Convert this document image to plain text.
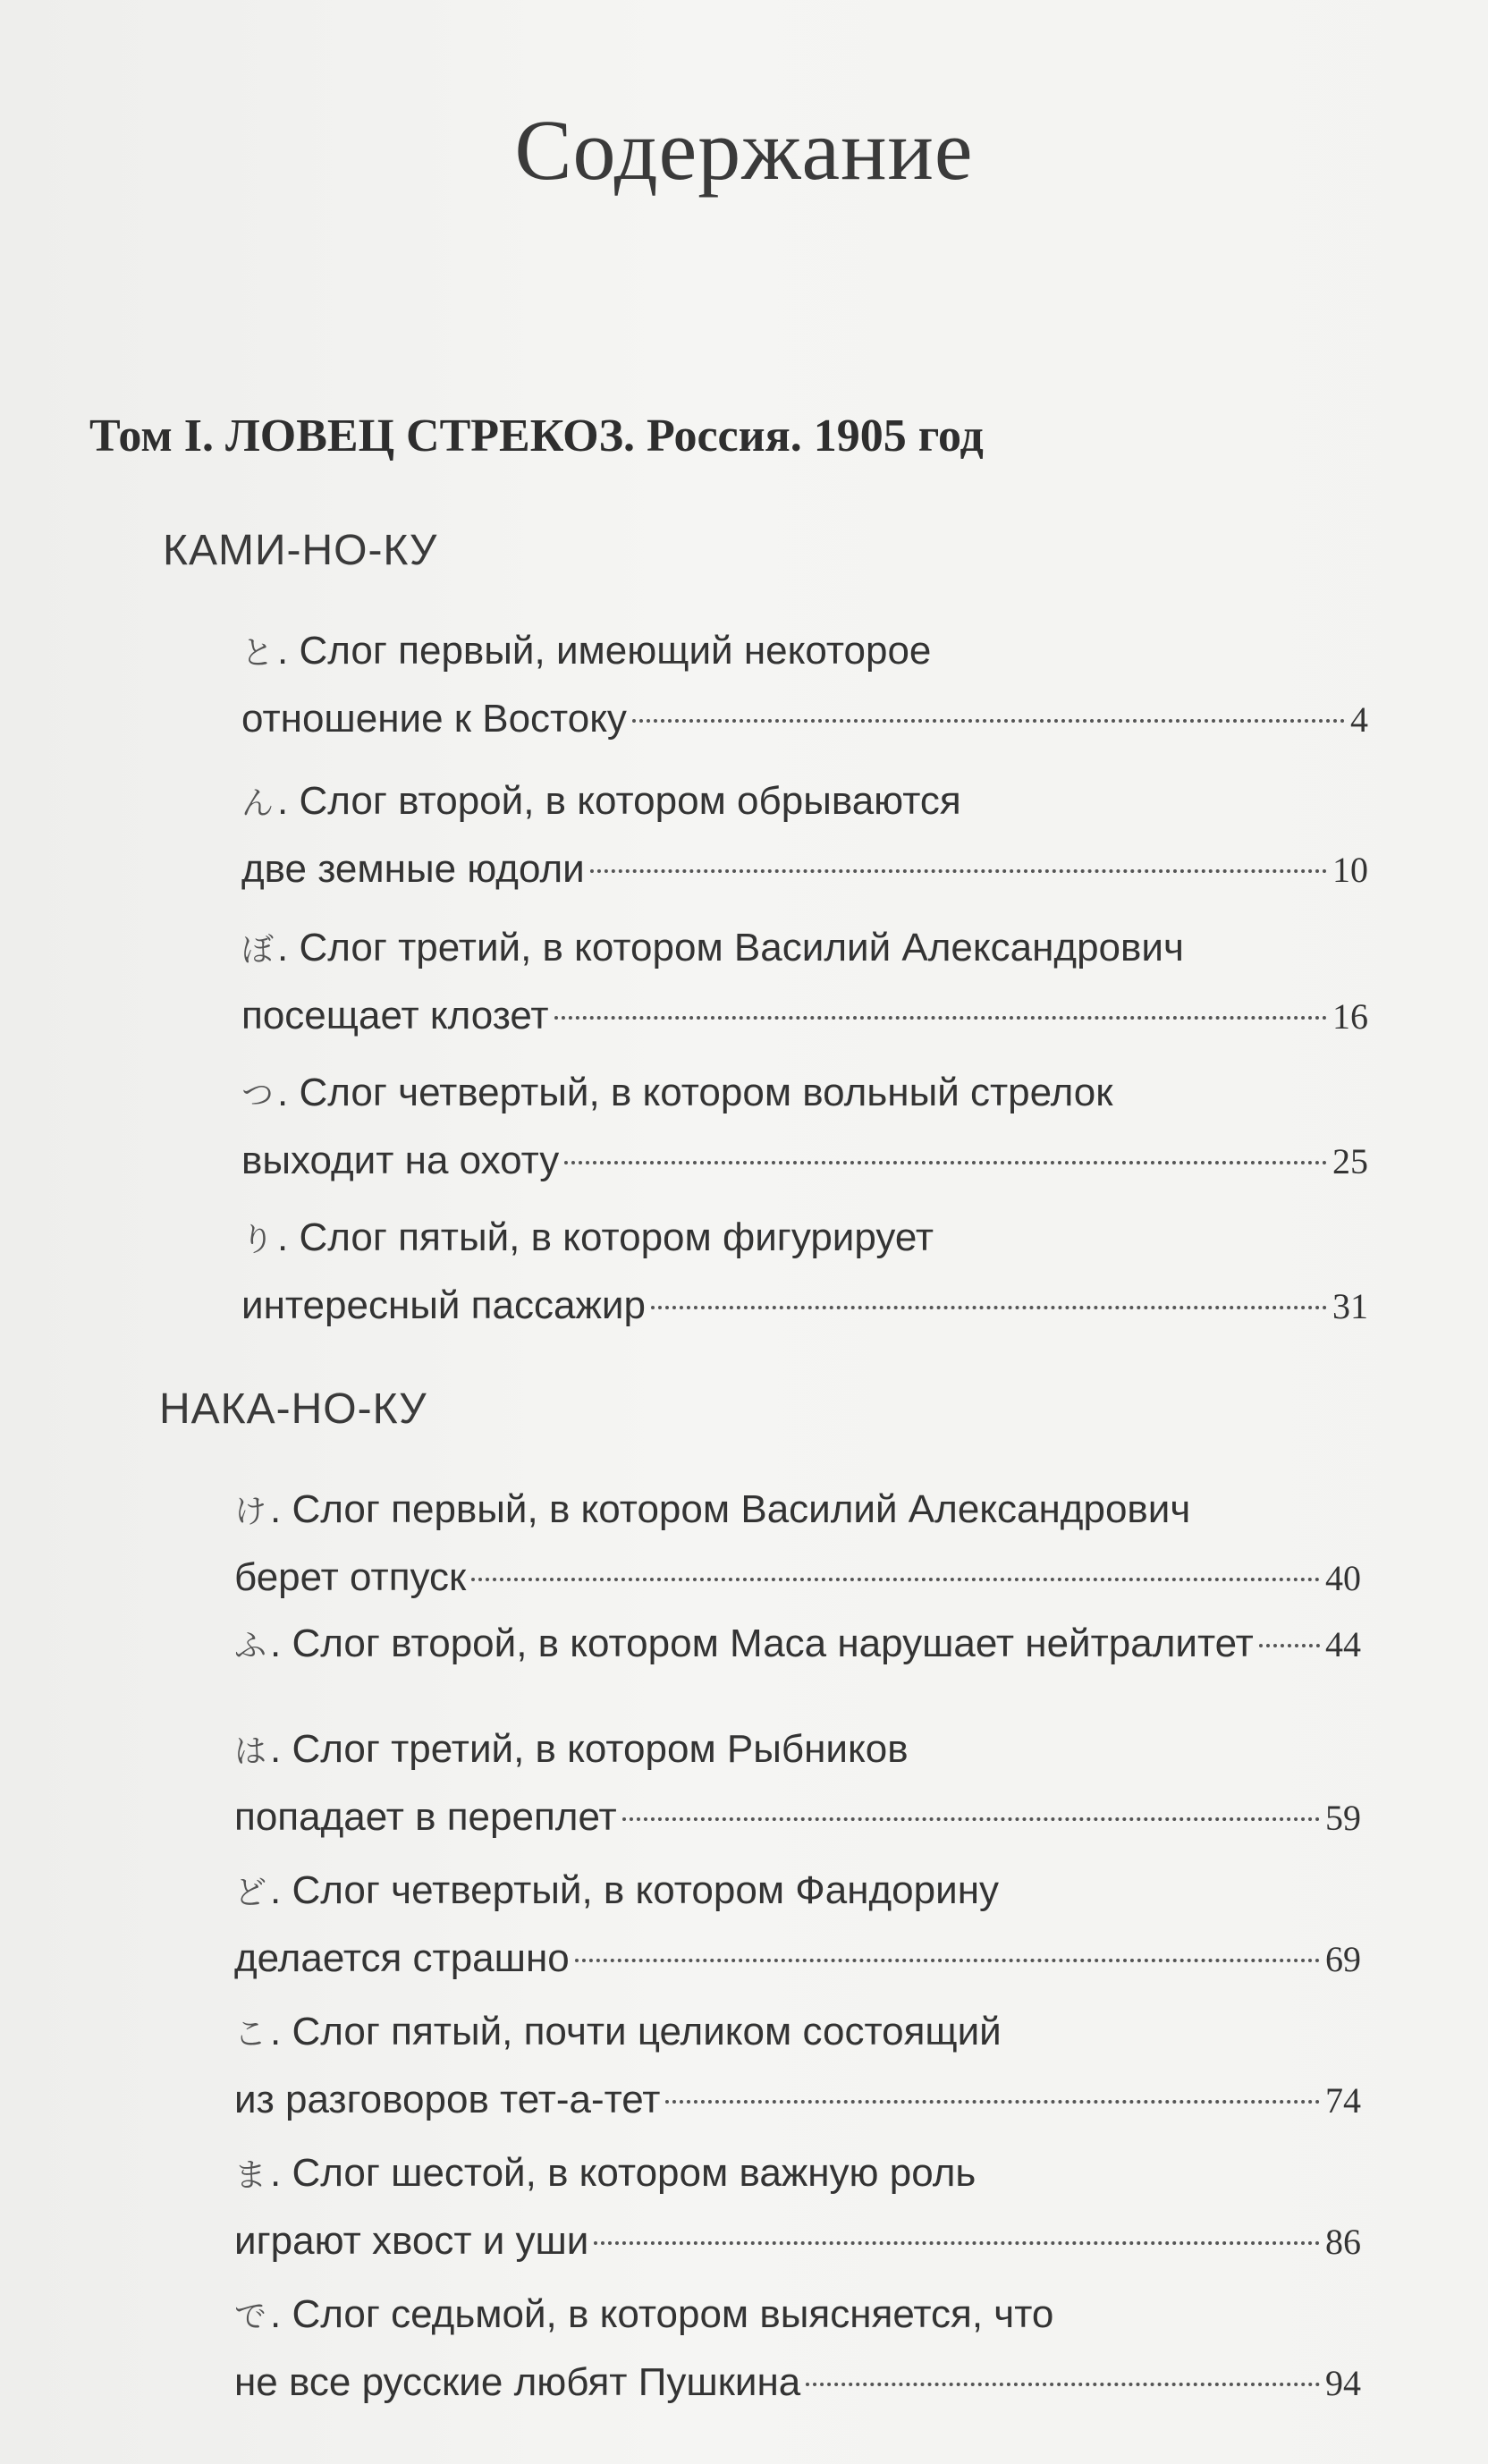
Содержание
Том I. ЛОВЕЦ СТРЕКОЗ. Россия. 1905 год
КАМИ-НО-КУ
と . Слог первый, имеющий некоторое
отношение к Востоку	4
ん . Слог второй, в котором обрываются
две земные юдоли	10
ぼ . Слог третий, в котором Василий Александрович
посещает клозет	16
つ . Слог четвертый, в котором вольный стрелок
выходит на охоту	25
り . Слог пятый, в котором фигурирует
интересный пассажир	31
НАКА-НО-КУ
け . Слог первый, в котором Василий Александрович
берет отпуск	40
ふ . Слог второй, в котором Маса нарушает нейтралитет 44
は . Слог третий, в котором Рыбников
попадает в переплет	59
ど . Слог четвертый, в котором Фандорину
делается страшно	69
こ . Слог пятый, почти целиком состоящий
из разговоров тет-а-тет	74
ま . Слог шестой, в котором важную роль
играют хвост и уши	86
で . Слог седьмой, в котором выясняется, что
не все русские любят Пушкина	94
